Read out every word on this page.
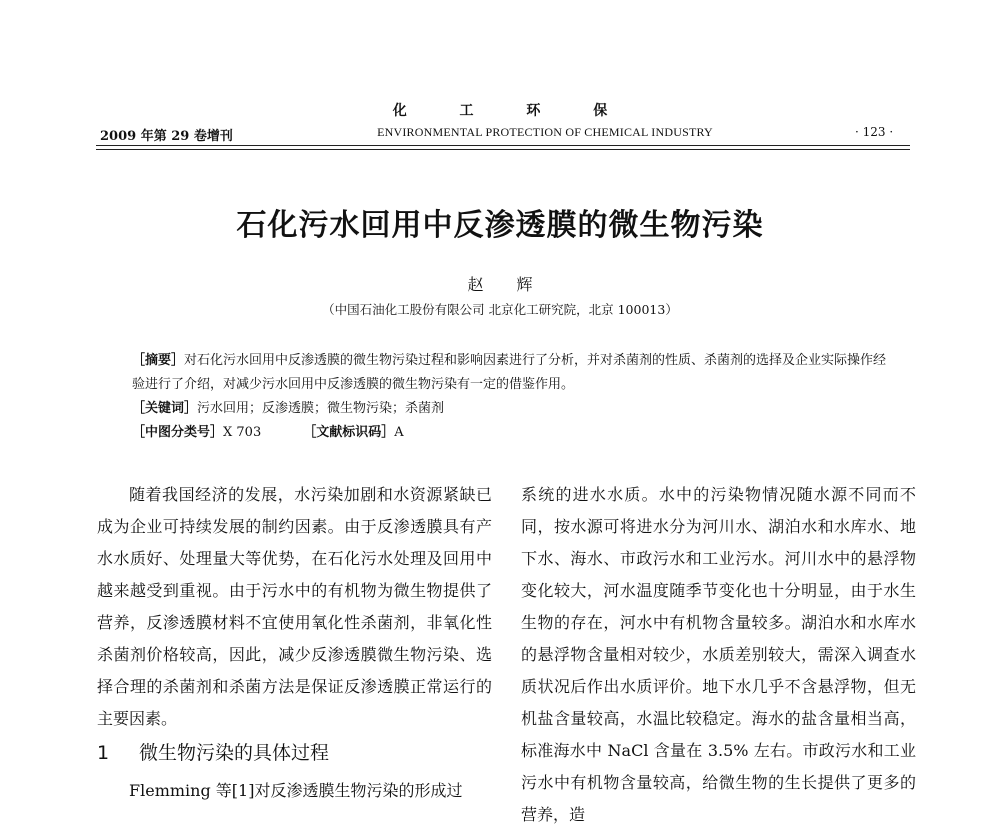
化 工 环 保
2009 年第 29 卷增刊	ENVIRONMENTAL PROTECTION OF CHEMICAL INDUSTRY	· 123 ·
石化污水回用中反渗透膜的微生物污染
赵 辉
（中国石油化工股份有限公司 北京化工研究院，北京 100013）
［摘要］对石化污水回用中反渗透膜的微生物污染过程和影响因素进行了分析，并对杀菌剂的性质、杀菌剂的选择及企业实际操作经验进行了介绍，对减少污水回用中反渗透膜的微生物污染有一定的借鉴作用。
［关键词］污水回用；反渗透膜；微生物污染；杀菌剂
［中图分类号］X 703	［文献标识码］A

随着我国经济的发展，水污染加剧和水资源紧缺已成为企业可持续发展的制约因素。由于反渗透膜具有产水水质好、处理量大等优势，在石化污水处理及回用中越来越受到重视。由于污水中的有机物为微生物提供了营养，反渗透膜材料不宜使用氧化性杀菌剂，非氧化性杀菌剂价格较高，因此，减少反渗透膜微生物污染、选择合理的杀菌剂和杀菌方法是保证反渗透膜正常运行的主要因素。

1 微生物污染的具体过程

Flemming 等[1]对反渗透膜生物污染的形成过

系统的进水水质。水中的污染物情况随水源不同而不同，按水源可将进水分为河川水、湖泊水和水库水、地下水、海水、市政污水和工业污水。河川水中的悬浮物变化较大，河水温度随季节变化也十分明显，由于水生生物的存在，河水中有机物含量较多。湖泊水和水库水的悬浮物含量相对较少，水质差别较大，需深入调查水质状况后作出水质评价。地下水几乎不含悬浮物，但无机盐含量较高，水温比较稳定。海水的盐含量相当高，标准海水中 NaCl 含量在 3.5% 左右。市政污水和工业污水中有机物含量较高，给微生物的生长提供了更多的营养，造
